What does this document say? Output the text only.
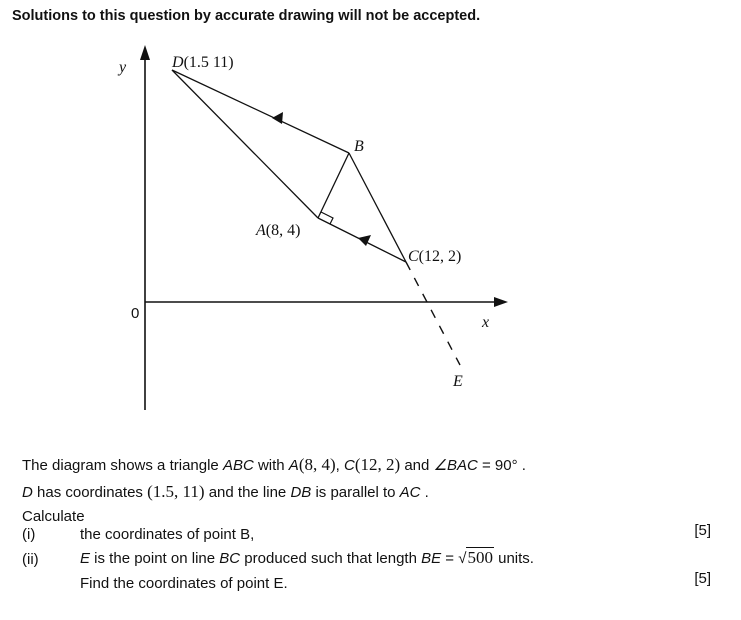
Solutions to this question by accurate drawing will not be accepted.
y
x
0
D(1.5 11)
B
A(8, 4)
C(12, 2)
E
The diagram shows a triangle ABC with A(8, 4), C(12, 2) and ∠BAC = 90° .
D has coordinates (1.5, 11) and the line DB is parallel to AC .
Calculate
(i)	the coordinates of point B,	[5]
(ii)	E is the point on line BC produced such that length BE = √500 units.
Find the coordinates of point E.	[5]
